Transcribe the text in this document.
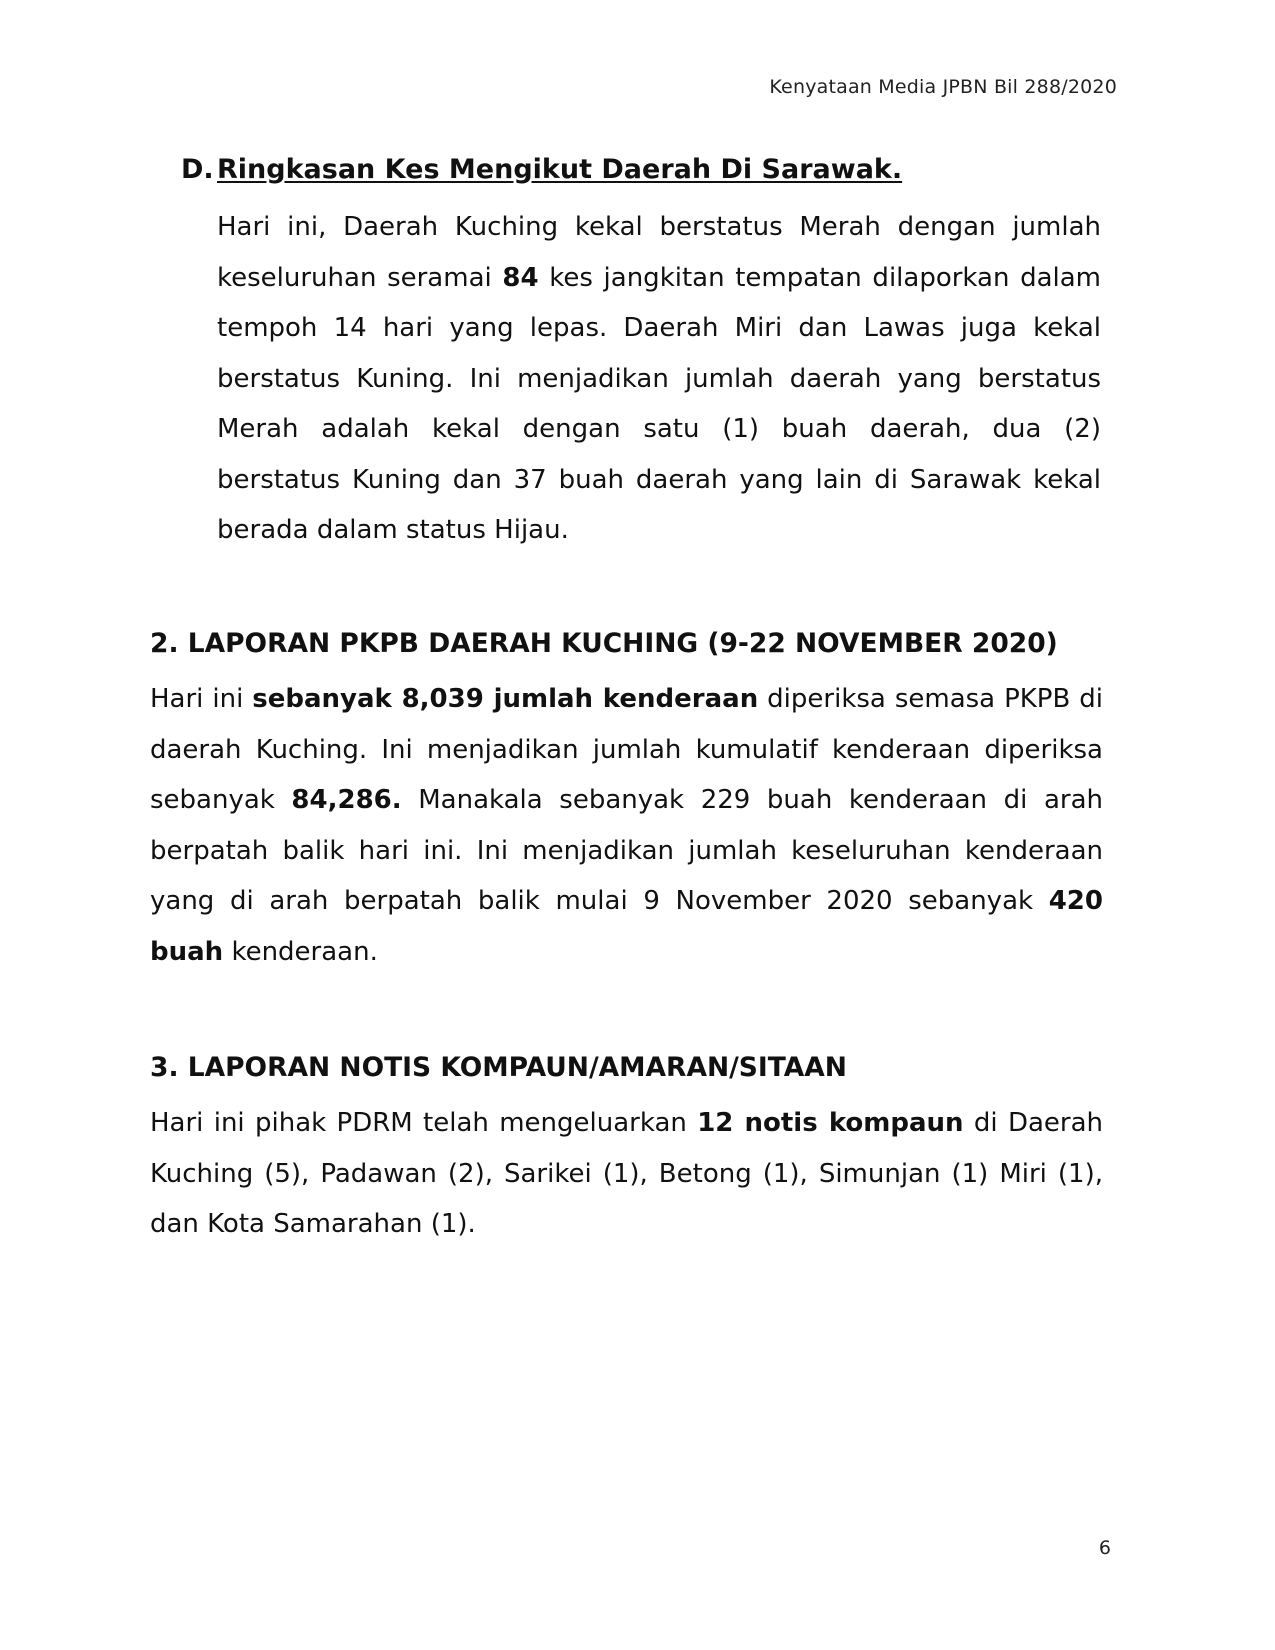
Kenyataan Media JPBN Bil 288/2020
D. Ringkasan Kes Mengikut Daerah Di Sarawak.

Hari ini, Daerah Kuching kekal berstatus Merah dengan jumlah keseluruhan seramai 84 kes jangkitan tempatan dilaporkan dalam tempoh 14 hari yang lepas. Daerah Miri dan Lawas juga kekal berstatus Kuning. Ini menjadikan jumlah daerah yang berstatus Merah adalah kekal dengan satu (1) buah daerah, dua (2) berstatus Kuning dan 37 buah daerah yang lain di Sarawak kekal berada dalam status Hijau.

2. LAPORAN PKPB DAERAH KUCHING (9-22 NOVEMBER 2020)

Hari ini sebanyak 8,039 jumlah kenderaan diperiksa semasa PKPB di daerah Kuching. Ini menjadikan jumlah kumulatif kenderaan diperiksa sebanyak 84,286. Manakala sebanyak 229 buah kenderaan di arah berpatah balik hari ini. Ini menjadikan jumlah keseluruhan kenderaan yang di arah berpatah balik mulai 9 November 2020 sebanyak 420 buah kenderaan.

3. LAPORAN NOTIS KOMPAUN/AMARAN/SITAAN

Hari ini pihak PDRM telah mengeluarkan 12 notis kompaun di Daerah Kuching (5), Padawan (2), Sarikei (1), Betong (1), Simunjan (1) Miri (1), dan Kota Samarahan (1).

6
